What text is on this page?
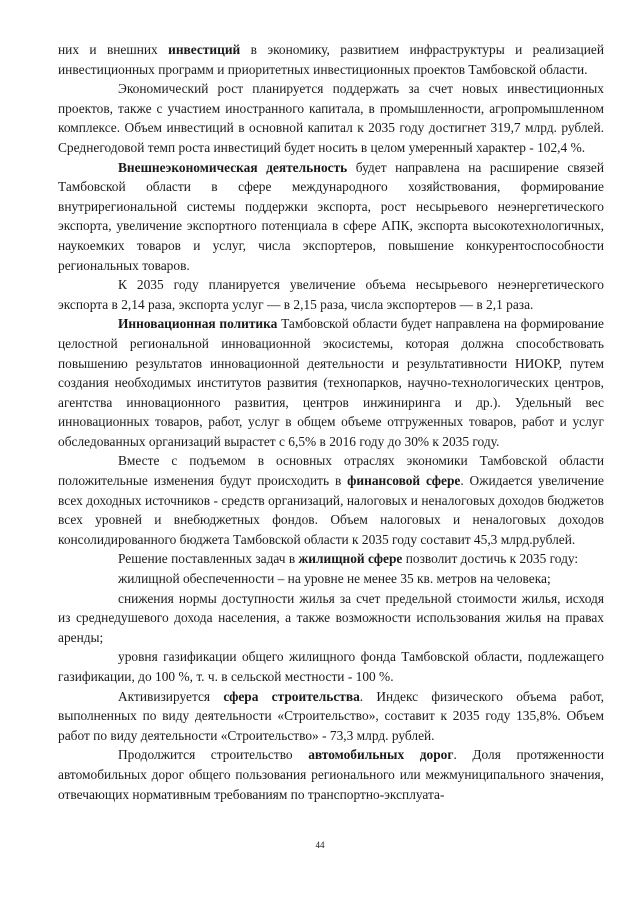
них и внешних инвестиций в экономику, развитием инфраструктуры и реализацией инвестиционных программ и приоритетных инвестиционных проектов Тамбовской области.

Экономический рост планируется поддержать за счет новых инвестиционных проектов, также с участием иностранного капитала, в промышленности, агропромышленном комплексе. Объем инвестиций в основной капитал к 2035 году достигнет 319,7 млрд. рублей. Среднегодовой темп роста инвестиций будет носить в целом умеренный характер - 102,4 %.

Внешнеэкономическая деятельность будет направлена на расширение связей Тамбовской области в сфере международного хозяйствования, формирование внутрирегиональной системы поддержки экспорта, рост несырьевого неэнергетического экспорта, увеличение экспортного потенциала в сфере АПК, экспорта высокотехнологичных, наукоемких товаров и услуг, числа экспортеров, повышение конкурентоспособности региональных товаров.

К 2035 году планируется увеличение объема несырьевого неэнергетического экспорта в 2,14 раза, экспорта услуг — в 2,15 раза, числа экспортеров — в 2,1 раза.

Инновационная политика Тамбовской области будет направлена на формирование целостной региональной инновационной экосистемы, которая должна способствовать повышению результатов инновационной деятельности и результативности НИОКР, путем создания необходимых институтов развития (технопарков, научно-технологических центров, агентства инновационного развития, центров инжиниринга и др.). Удельный вес инновационных товаров, работ, услуг в общем объеме отгруженных товаров, работ и услуг обследованных организаций вырастет с 6,5% в 2016 году до 30% к 2035 году.

Вместе с подъемом в основных отраслях экономики Тамбовской области положительные изменения будут происходить в финансовой сфере. Ожидается увеличение всех доходных источников - средств организаций, налоговых и неналоговых доходов бюджетов всех уровней и внебюджетных фондов. Объем налоговых и неналоговых доходов консолидированного бюджета Тамбовской области к 2035 году составит 45,3 млрд.рублей.

Решение поставленных задач в жилищной сфере позволит достичь к 2035 году:

жилищной обеспеченности – на уровне не менее 35 кв. метров на человека;

снижения нормы доступности жилья за счет предельной стоимости жилья, исходя из среднедушевого дохода населения, а также возможности использования жилья на правах аренды;

уровня газификации общего жилищного фонда Тамбовской области, подлежащего газификации, до 100 %, т. ч. в сельской местности - 100 %.

Активизируется сфера строительства. Индекс физического объема работ, выполненных по виду деятельности «Строительство», составит к 2035 году 135,8%. Объем работ по виду деятельности «Строительство» - 73,3 млрд. рублей.

Продолжится строительство автомобильных дорог. Доля протяженности автомобильных дорог общего пользования регионального или межмуниципального значения, отвечающих нормативным требованиям по транспортно-эксплуата-

44
